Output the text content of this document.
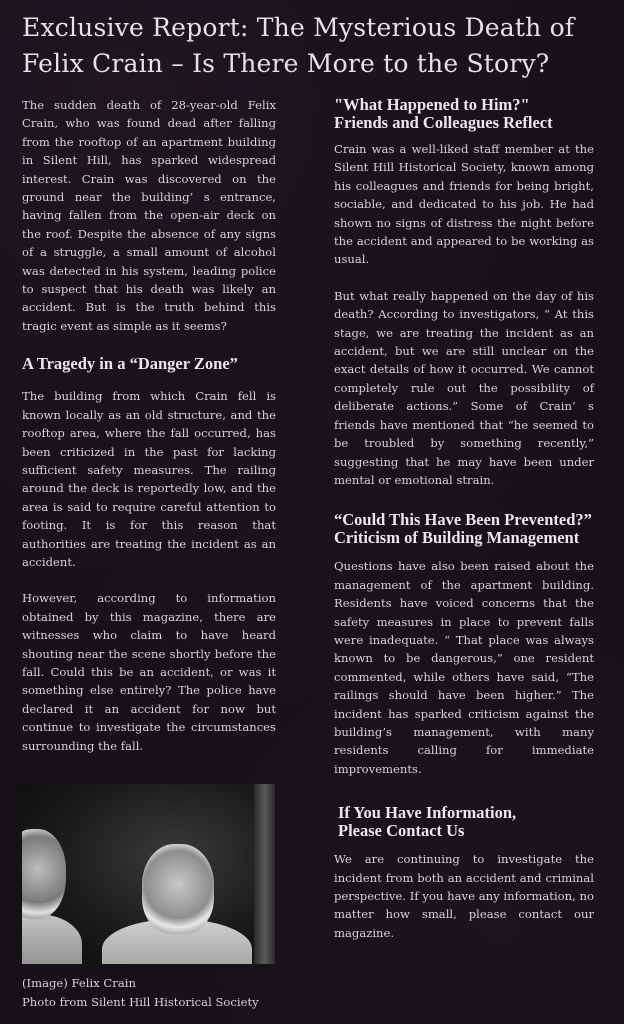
Exclusive Report: The Mysterious Death of
Felix Crain – Is There More to the Story?

The sudden death of 28-year-old Felix Crain, who was found dead after falling from the rooftop of an apartment building in Silent Hill, has sparked widespread interest. Crain was discovered on the ground near the building’ s entrance, having fallen from the open-air deck on the roof. Despite the absence of any signs of a struggle, a small amount of alcohol was detected in his system, leading police to suspect that his death was likely an accident. But is the truth behind this tragic event as simple as it seems?

A Tragedy in a “Danger Zone”

The building from which Crain fell is known locally as an old structure, and the rooftop area, where the fall occurred, has been criticized in the past for lacking sufficient safety measures. The railing around the deck is reportedly low, and the area is said to require careful attention to footing. It is for this reason that authorities are treating the incident as an accident.

However, according to information obtained by this magazine, there are witnesses who claim to have heard shouting near the scene shortly before the fall. Could this be an accident, or was it something else entirely? The police have declared it an accident for now but continue to investigate the circumstances surrounding the fall.

"What Happened to Him?"
Friends and Colleagues Reflect

Crain was a well-liked staff member at the Silent Hill Historical Society, known among his colleagues and friends for being bright, sociable, and dedicated to his job. He had shown no signs of distress the night before the accident and appeared to be working as usual.

But what really happened on the day of his death? According to investigators, “ At this stage, we are treating the incident as an accident, but we are still unclear on the exact details of how it occurred. We cannot completely rule out the possibility of deliberate actions.” Some of Crain’ s friends have mentioned that “he seemed to be troubled by something recently,” suggesting that he may have been under mental or emotional strain.

“Could This Have Been Prevented?”
Criticism of Building Management

Questions have also been raised about the management of the apartment building. Residents have voiced concerns that the safety measures in place to prevent falls were inadequate. “ That place was always known to be dangerous,” one resident commented, while others have said, “The railings should have been higher.” The incident has sparked criticism against the building’s management, with many residents calling for immediate improvements.

If You Have Information,
Please Contact Us

We are continuing to investigate the incident from both an accident and criminal perspective. If you have any information, no matter how small, please contact our magazine.

(Image) Felix Crain
Photo from Silent Hill Historical Society
